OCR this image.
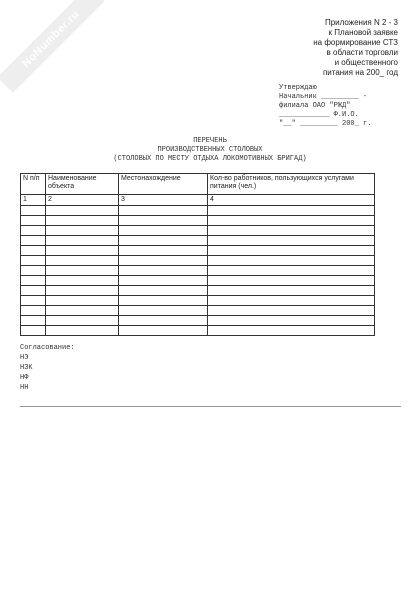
NoNumber.ru	Приложения N 2 - 3
к Плановой заявке
на формирование СТЗ
в области торговли
и общественного
питания на 200_ год
Утверждаю
Начальник _________ -
филиала ОАО "РЖД"
____________ Ф.И.О.
"__" _________ 200_ г.
ПЕРЕЧЕНЬ
ПРОИЗВОДСТВЕННЫХ СТОЛОВЫХ
(СТОЛОВЫХ ПО МЕСТУ ОТДЫХА ЛОКОМОТИВНЫХ БРИГАД)
N п/п	Наименование объекта	Местонахождение	Кол-во работников, пользующихся услугами питания (чел.)
1	2	3	4

Согласование:
НЭ
НЗК
НФ
НН
